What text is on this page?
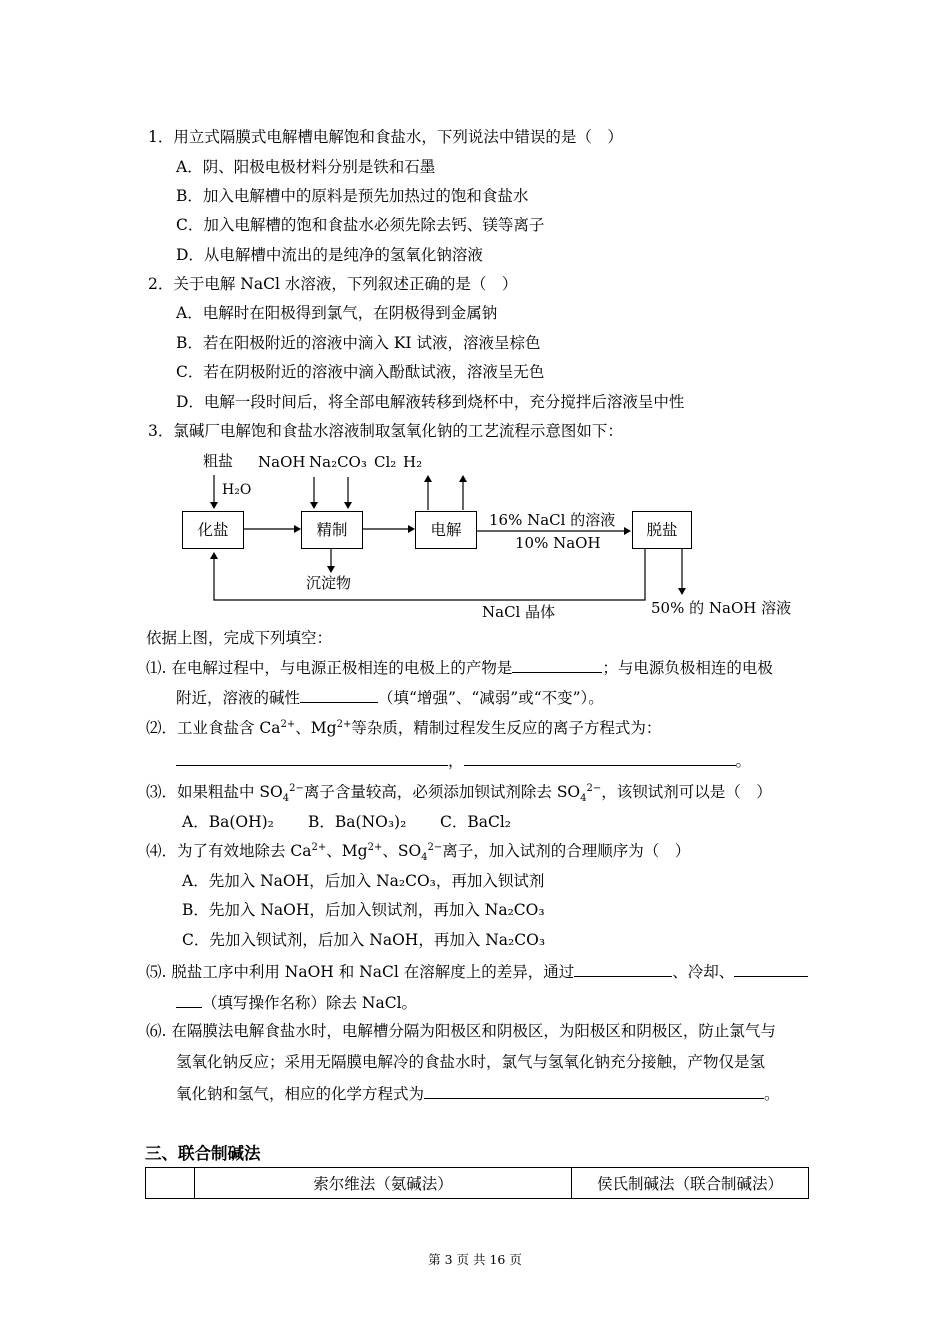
1．用立式隔膜式电解槽电解饱和食盐水，下列说法中错误的是（　）
A．阴、阳极电极材料分别是铁和石墨
B．加入电解槽中的原料是预先加热过的饱和食盐水
C．加入电解槽的饱和食盐水必须先除去钙、镁等离子
D．从电解槽中流出的是纯净的氢氧化钠溶液
2．关于电解 NaCl 水溶液，下列叙述正确的是（　）
A．电解时在阳极得到氯气，在阴极得到金属钠
B．若在阳极附近的溶液中滴入 KI 试液，溶液呈棕色
C．若在阴极附近的溶液中滴入酚酞试液，溶液呈无色
D．电解一段时间后，将全部电解液转移到烧杯中，充分搅拌后溶液呈中性
3．氯碱厂电解饱和食盐水溶液制取氢氧化钠的工艺流程示意图如下：
粗盐
H₂O
NaOH Na₂CO₃ Cl₂ H₂
化盐	精制	电解	脱盐
16% NaCl 的溶液
10% NaOH
沉淀物
NaCl 晶体	50% 的 NaOH 溶液
依据上图，完成下列填空：
⑴. 在电解过程中，与电源正极相连的电极上的产物是	；与电源负极相连的电极
附近，溶液的碱性	（填“增强”、“减弱”或“不变”）。
⑵．工业食盐含 $Ca^{2+}$、$Mg^{2+}$等杂质，精制过程发生反应的离子方程式为：
，	。
⑶．如果粗盐中 $SO_4^{2-}$离子含量较高，必须添加钡试剂除去 $SO_4^{2-}$，该钡试剂可以是（　）
A．Ba(OH)₂ B．Ba(NO₃)₂ C．BaCl₂
⑷．为了有效地除去 $Ca^{2+}$、$Mg^{2+}$、$SO_4^{2-}$离子，加入试剂的合理顺序为（　）
A．先加入 NaOH，后加入 Na₂CO₃，再加入钡试剂
B．先加入 NaOH，后加入钡试剂，再加入 Na₂CO₃
C．先加入钡试剂，后加入 NaOH，再加入 Na₂CO₃
⑸. 脱盐工序中利用 NaOH 和 NaCl 在溶解度上的差异，通过	、冷却、
（填写操作名称）除去 NaCl。
⑹. 在隔膜法电解食盐水时，电解槽分隔为阳极区和阴极区，为阳极区和阴极区，防止氯气与
氢氧化钠反应；采用无隔膜电解冷的食盐水时，氯气与氢氧化钠充分接触，产物仅是氢
氧化钠和氢气，相应的化学方程式为	。
三、联合制碱法
	索尔维法（氨碱法）	侯氏制碱法（联合制碱法）
第 3 页 共 16 页
